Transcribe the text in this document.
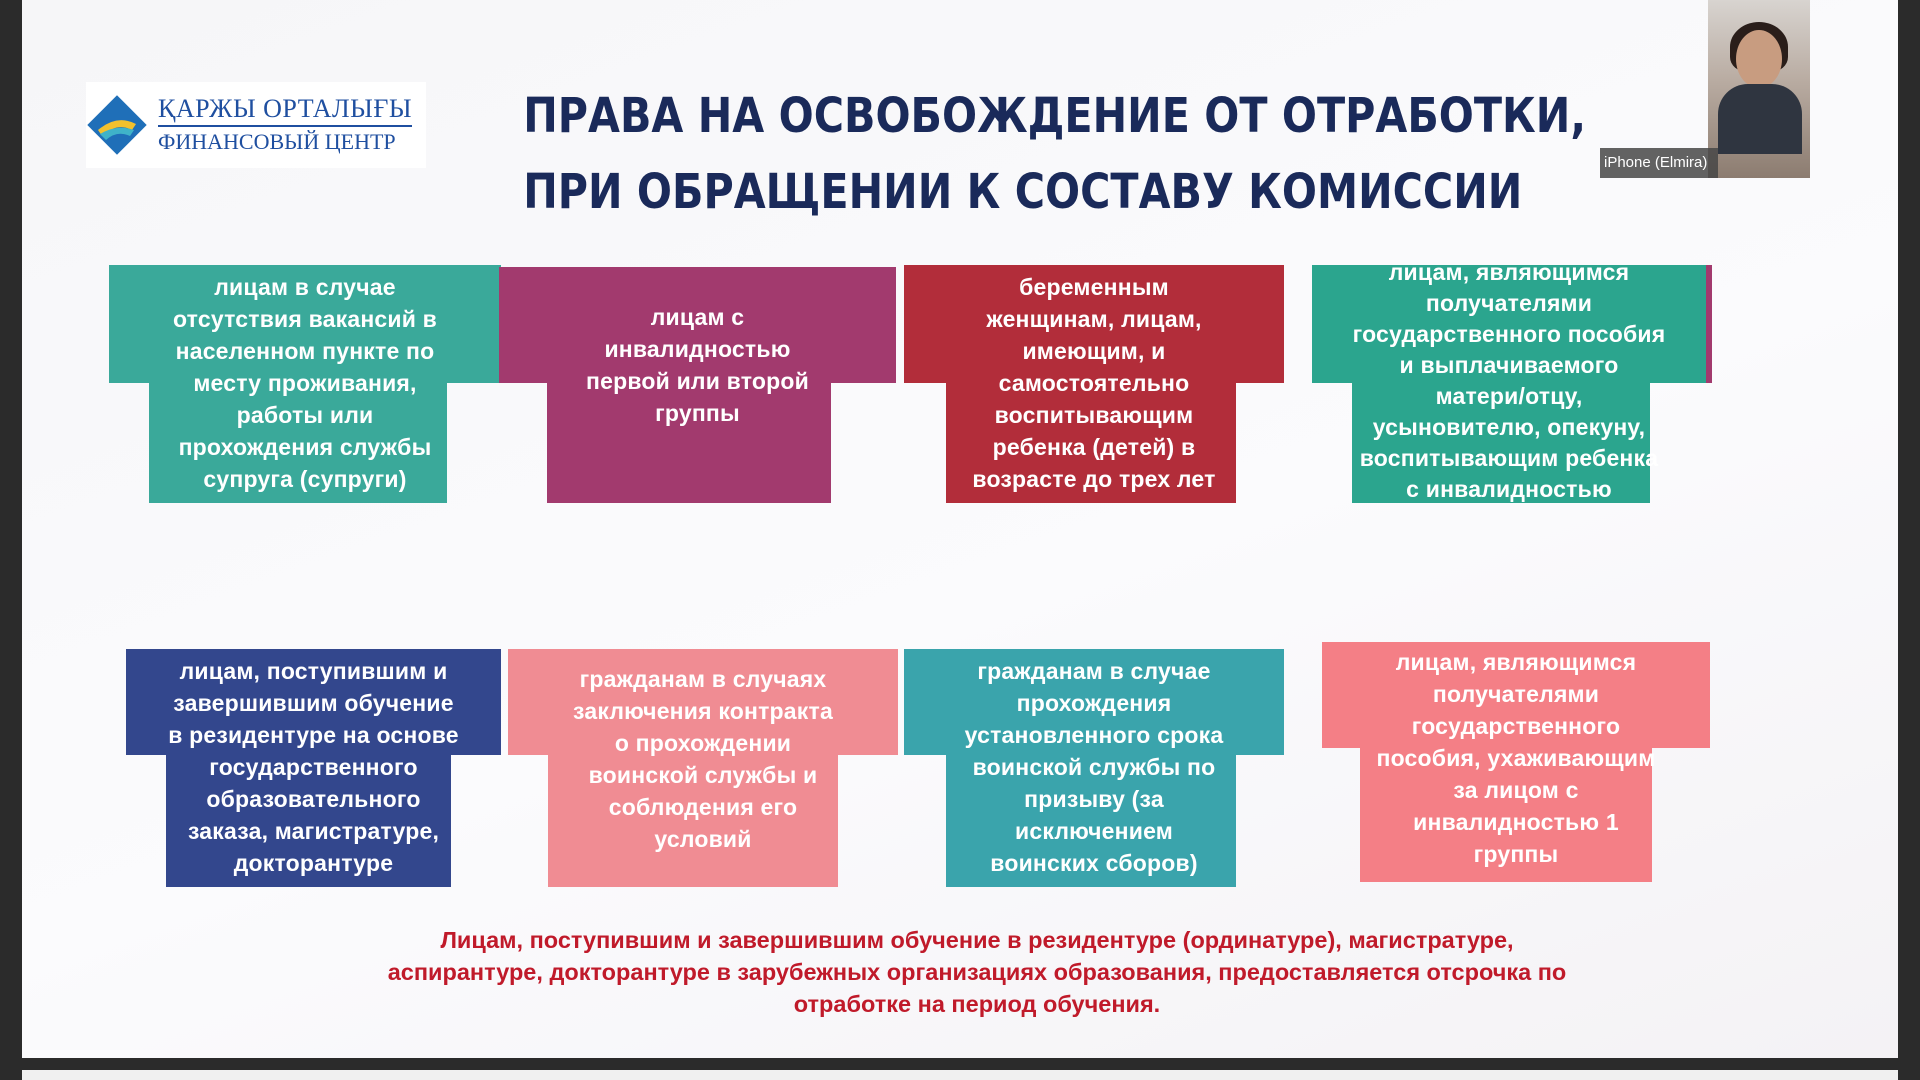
ҚАРЖЫ ОРТАЛЫҒЫ
ФИНАНСОВЫЙ ЦЕНТР	ПРАВА НА ОСВОБОЖДЕНИЕ ОТ ОТРАБОТКИ,
ПРИ ОБРАЩЕНИИ К СОСТАВУ КОМИССИИ
лицам в случае
отсутствия вакансий в
населенном пункте по
месту проживания,
работы или
прохождения службы
супруга (супруги)
лицам с
инвалидностью
первой или второй
группы
беременным
женщинам, лицам,
имеющим, и
самостоятельно
воспитывающим
ребенка (детей) в
возрасте до трех лет
лицам, являющимся
получателями
государственного пособия
и выплачиваемого
матери/отцу,
усыновителю, опекуну,
воспитывающим ребенка
с инвалидностью
лицам, поступившим и
завершившим обучение
в резидентуре на основе
государственного
образовательного
заказа, магистратуре,
докторантуре
гражданам в случаях
заключения контракта
о прохождении
воинской службы и
соблюдения его
условий
гражданам в случае
прохождения
установленного срока
воинской службы по
призыву (за
исключением
воинских сборов)
лицам, являющимся
получателями
государственного
пособия, ухаживающим
за лицом с
инвалидностью 1
группы
Лицам, поступившим и завершившим обучение в резидентуре (ординатуре), магистратуре,
аспирантуре, докторантуре в зарубежных организациях образования, предоставляется отсрочка по
отработке на период обучения.
iPhone (Elmira)
